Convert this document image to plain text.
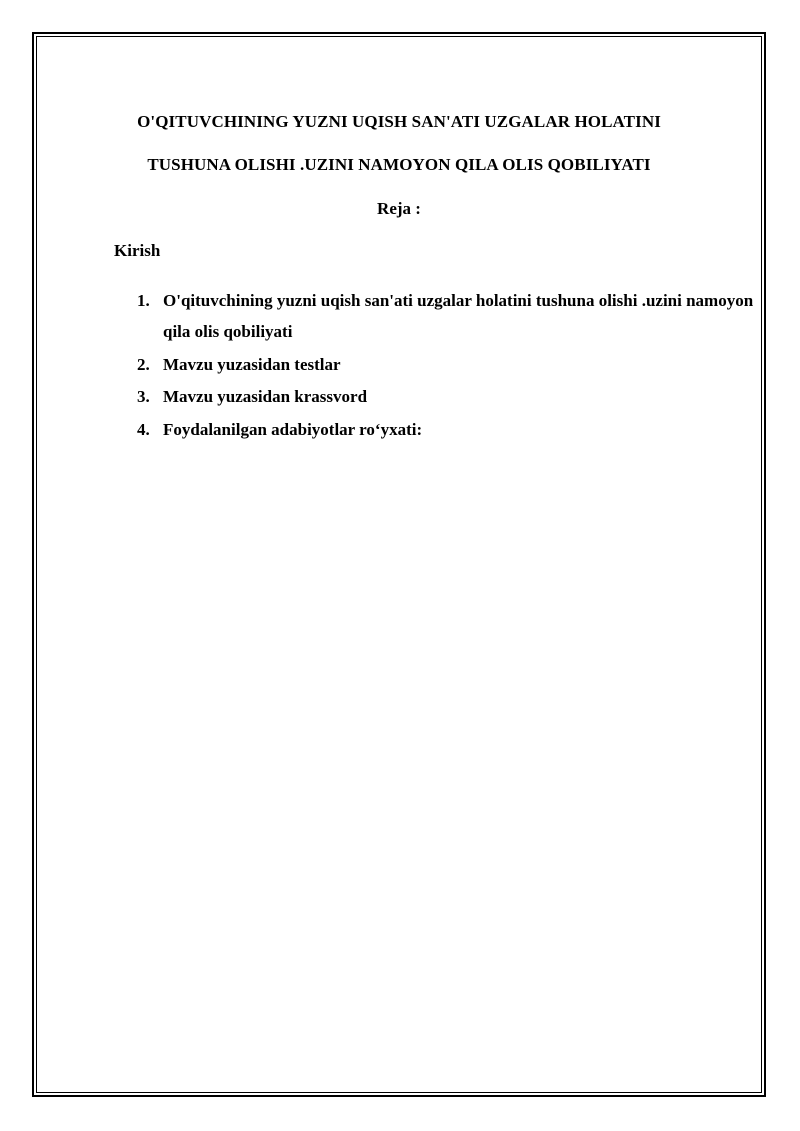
O'QITUVCHINING YUZNI UQISH SAN'ATI UZGALAR HOLATINI
TUSHUNA OLISHI .UZINI NAMOYON QILA OLIS QOBILIYATI
Reja :
Kirish
1. O'qituvchining yuzni uqish san'ati uzgalar holatini tushuna olishi .uzini namoyon qila olis qobiliyati
2. Mavzu yuzasidan testlar
3. Mavzu yuzasidan krassvord
4. Foydalanilgan adabiyotlar ro‘yxati:
